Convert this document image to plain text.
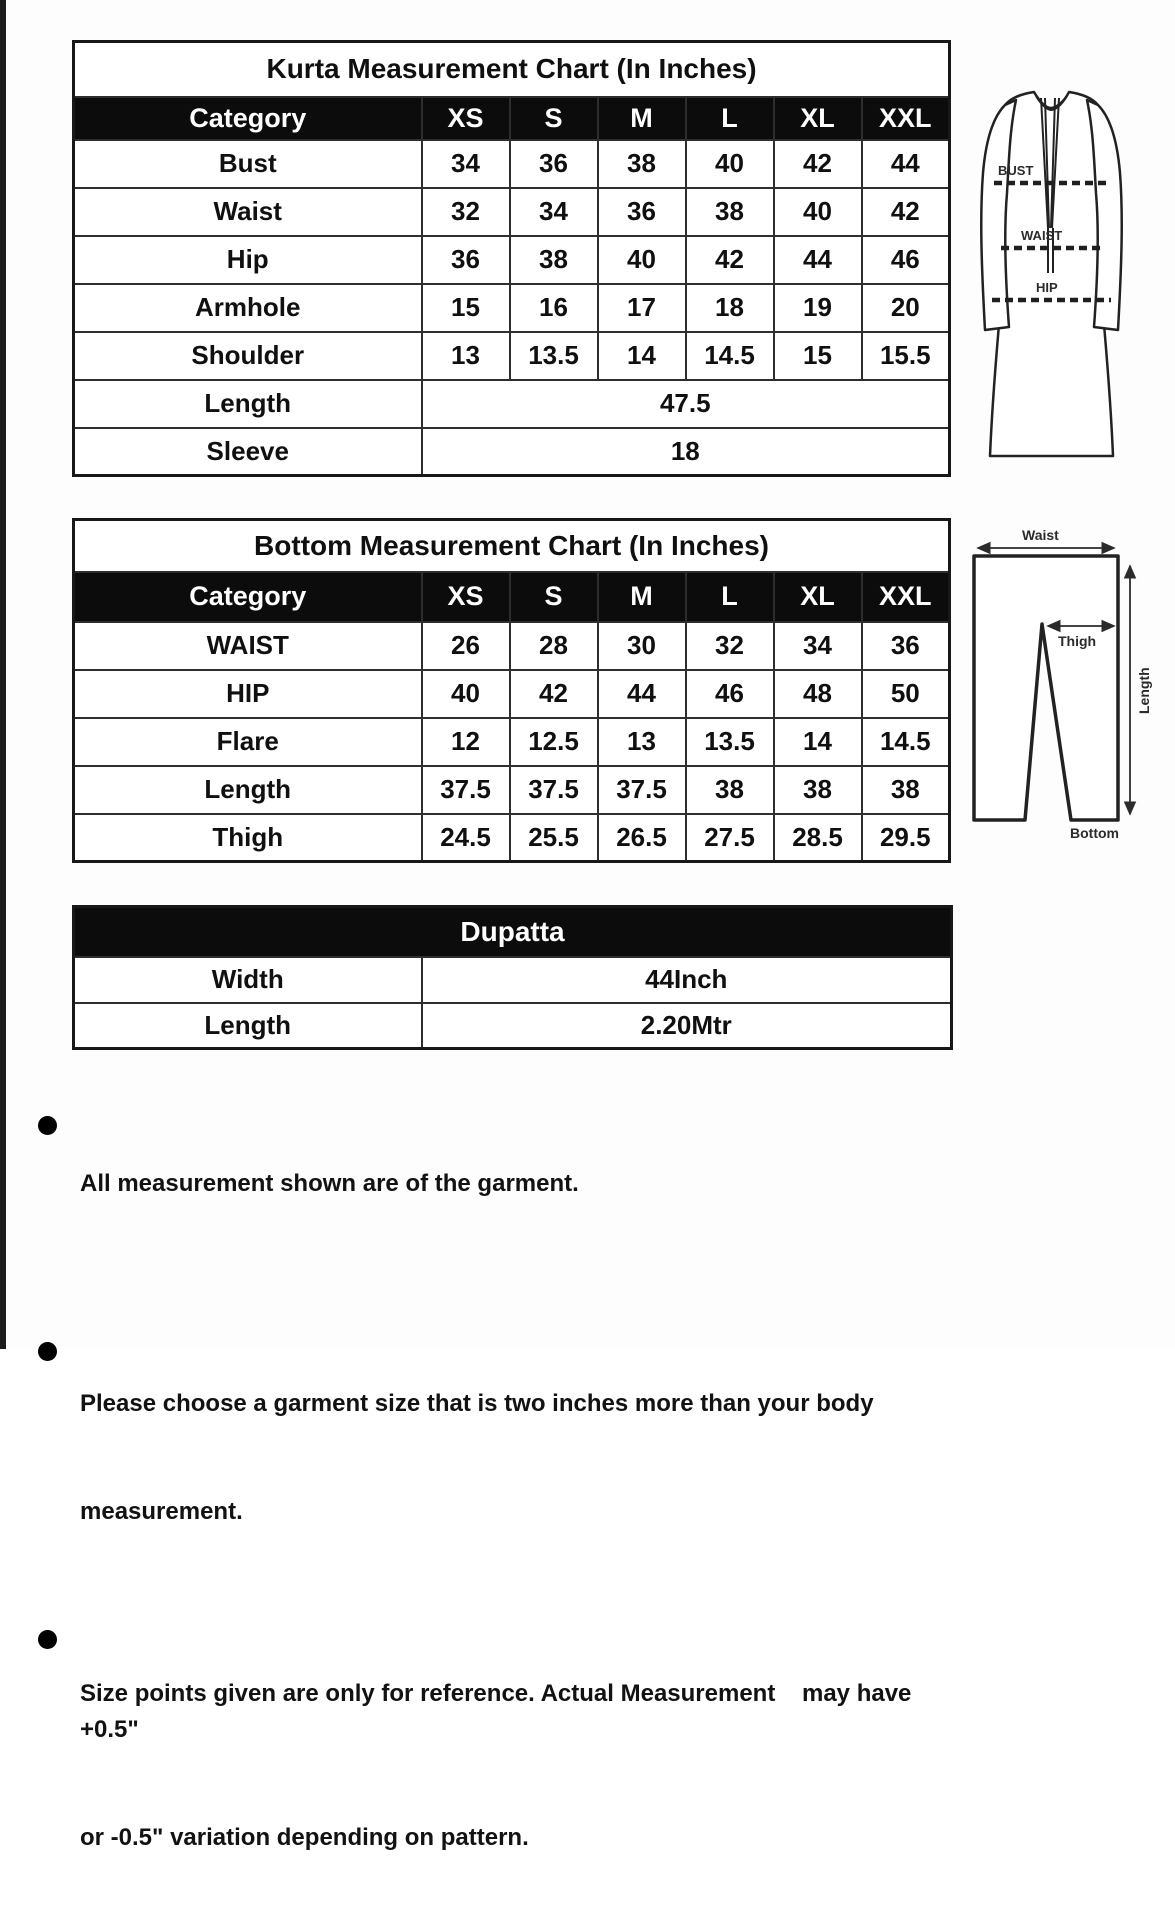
Kurta Measurement Chart (In Inches)						
Category	XS	S	M	L	XL	XXL
Bust	34	36	38	40	42	44
Waist	32	34	36	38	40	42
Hip	36	38	40	42	44	46
Armhole	15	16	17	18	19	20
Shoulder	13	13.5	14	14.5	15	15.5
Length	47.5					
Sleeve	18					
BUST
WAIST
HIP
Bottom Measurement Chart (In Inches)						
Category	XS	S	M	L	XL	XXL
WAIST	26	28	30	32	34	36
HIP	40	42	44	46	48	50
Flare	12	12.5	13	13.5	14	14.5
Length	37.5	37.5	37.5	38	38	38
Thigh	24.5	25.5	26.5	27.5	28.5	29.5
Waist
Thigh
Length
Bottom
Dupatta	
Width	44Inch
Length	2.20Mtr

All measurement shown are of the garment.

Please choose a garment size that is two inches more than your body

measurement.

Size points given are only for reference. Actual Measurement    may have +0.5"

or -0.5" variation depending on pattern.
